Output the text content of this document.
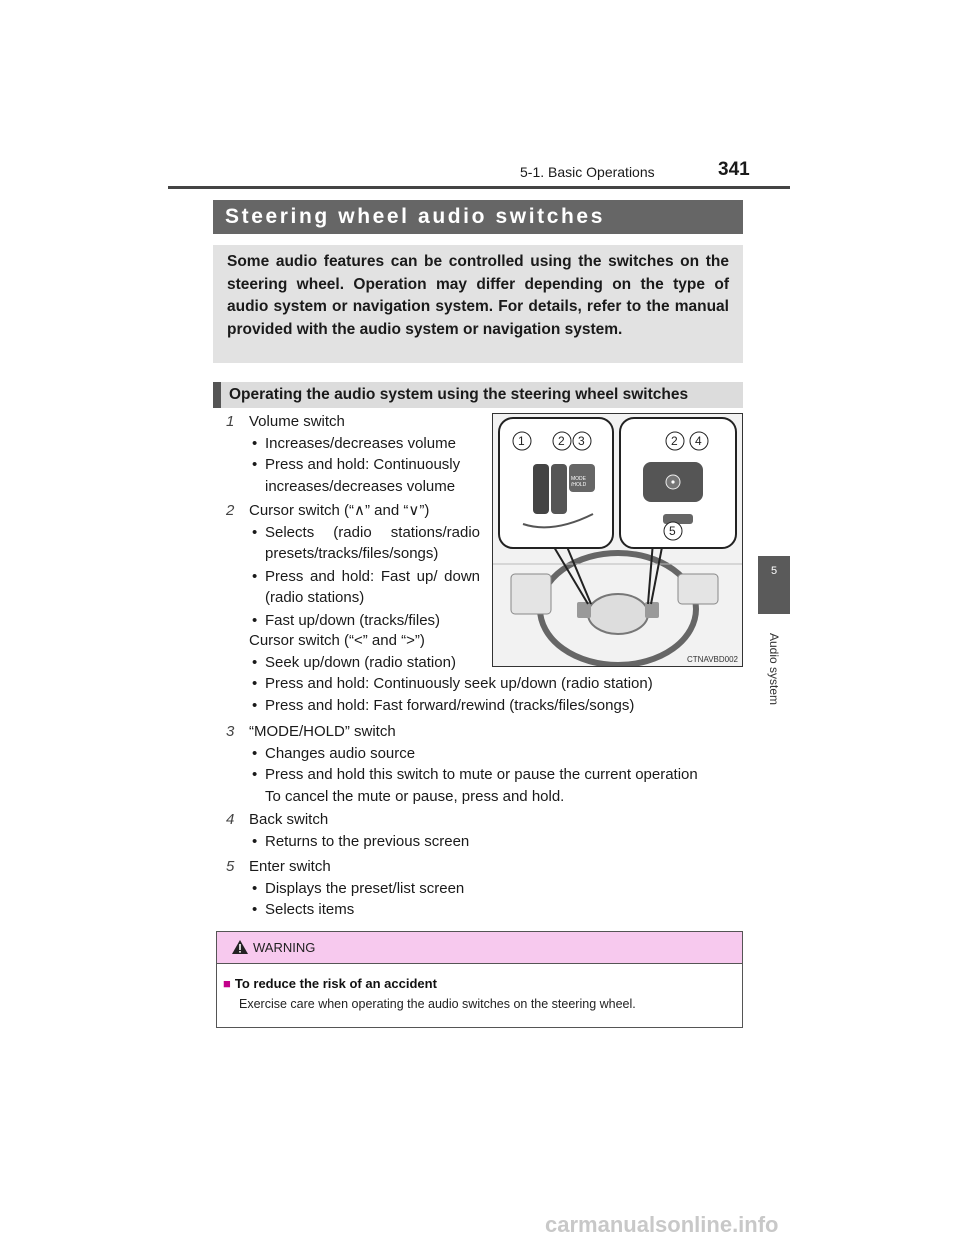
5-1. Basic Operations	341
5
Audio system
Steering wheel audio switches
Some audio features can be controlled using the switches on the steering wheel. Operation may differ depending on the type of audio system or navigation system. For details, refer to the manual provided with the audio system or navigation system.
Operating the audio system using the steering wheel switches
1 Volume switch
• Increases/decreases volume
• Press and hold: Continuously increases/decreases volume
2 Cursor switch (“∧” and “∨”)
• Selects (radio stations/radio presets/tracks/files/songs)
• Press and hold: Fast up/ down (radio stations)
• Fast up/down (tracks/files)
Cursor switch (“<” and “>”)
• Seek up/down (radio station)
• Press and hold: Continuously seek up/down (radio station)
• Press and hold: Fast forward/rewind (tracks/files/songs)
3 “MODE/HOLD” switch
• Changes audio source
• Press and hold this switch to mute or pause the current operation
To cancel the mute or pause, press and hold.
4 Back switch
• Returns to the previous screen
5 Enter switch
• Displays the preset/list screen
• Selects items
MODE
/HOLD
1	2 3	2 4
5
CTNAVBD002
WARNING
■ To reduce the risk of an accident
Exercise care when operating the audio switches on the steering wheel.
carmanualsonline.info
